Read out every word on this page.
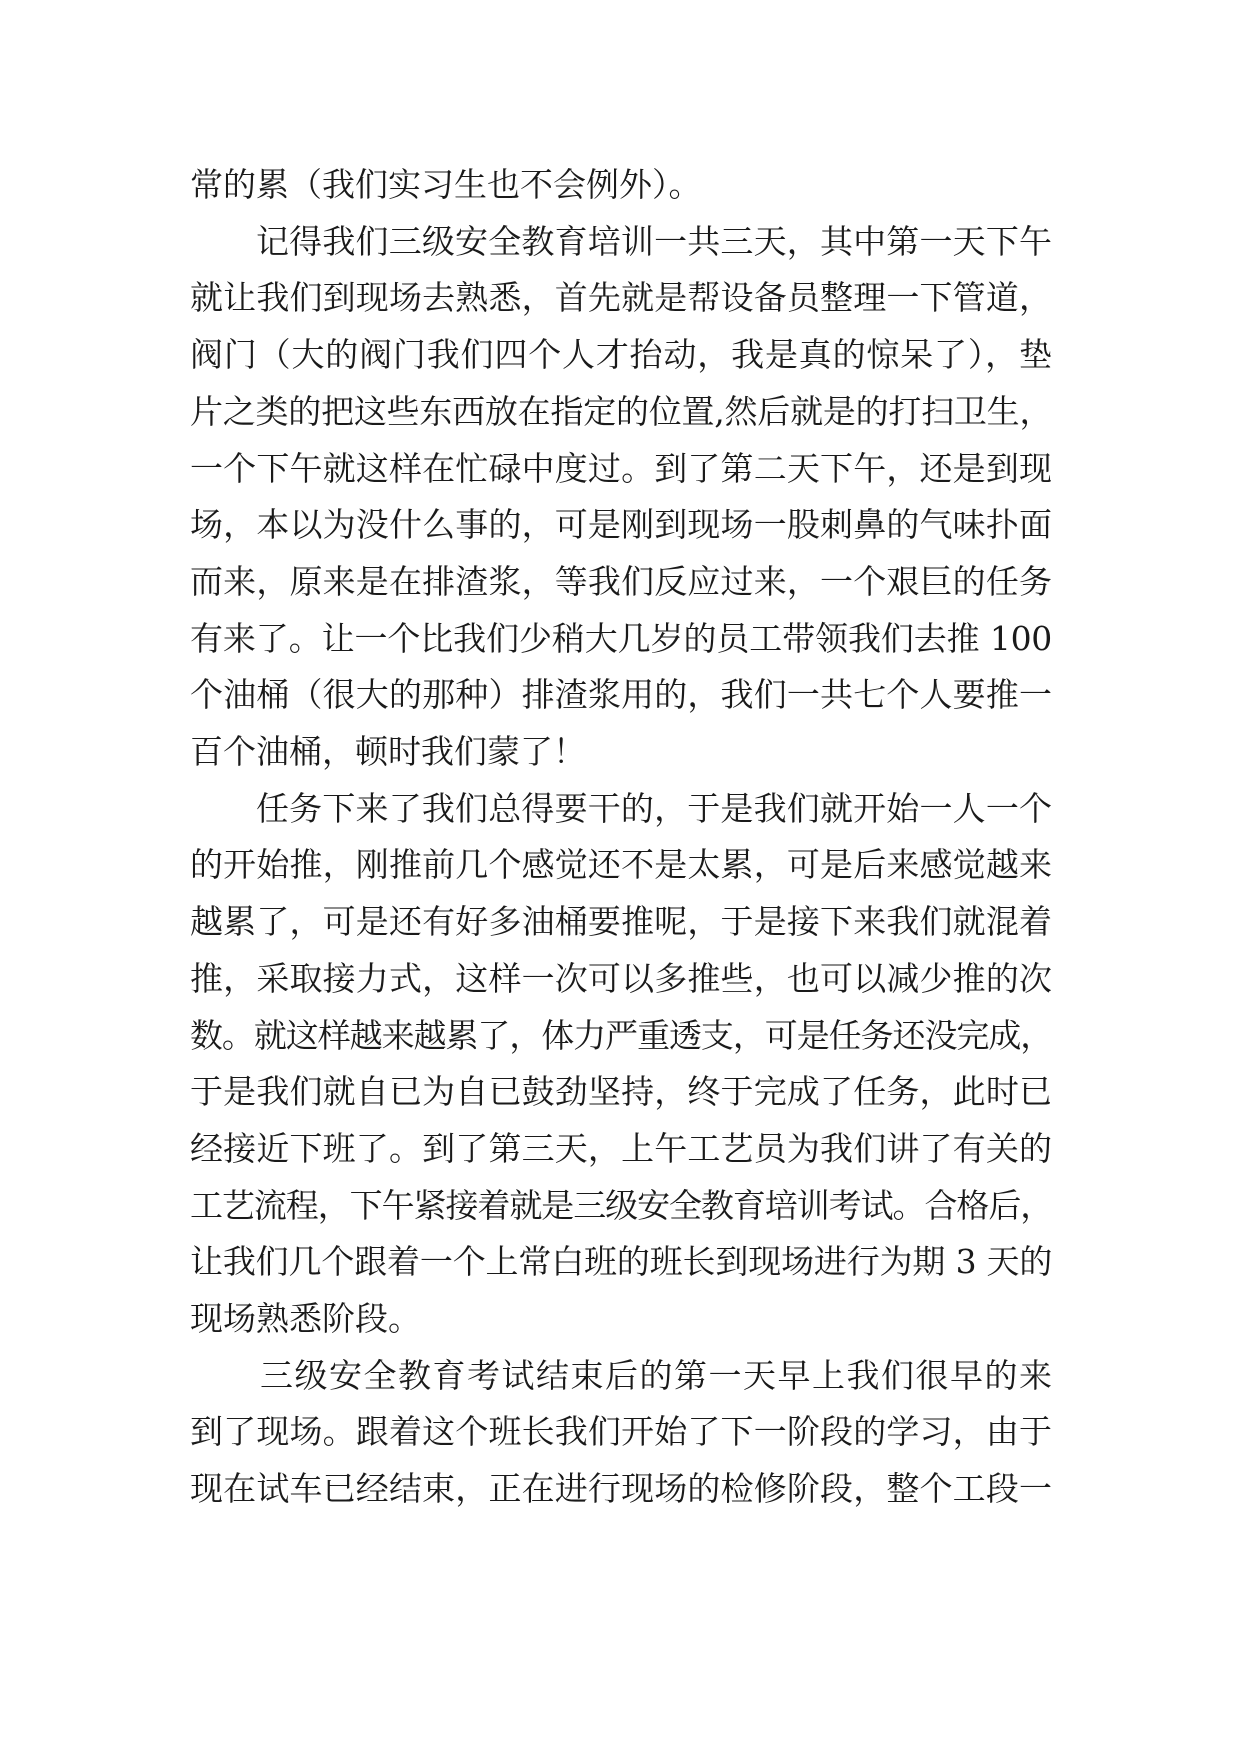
常的累（我们实习生也不会例外）。
记得我们三级安全教育培训一共三天，其中第一天下午
就让我们到现场去熟悉，首先就是帮设备员整理一下管道，
阀门（大的阀门我们四个人才抬动，我是真的惊呆了），垫
片之类的把这些东西放在指定的位置,然后就是的打扫卫生，
一个下午就这样在忙碌中度过。到了第二天下午，还是到现
场，本以为没什么事的，可是刚到现场一股刺鼻的气味扑面
而来，原来是在排渣浆，等我们反应过来，一个艰巨的任务
有来了。让一个比我们少稍大几岁的员工带领我们去推 100
个油桶（很大的那种）排渣浆用的，我们一共七个人要推一
百个油桶，顿时我们蒙了！
任务下来了我们总得要干的，于是我们就开始一人一个
的开始推，刚推前几个感觉还不是太累，可是后来感觉越来
越累了，可是还有好多油桶要推呢，于是接下来我们就混着
推，采取接力式，这样一次可以多推些，也可以减少推的次
数。就这样越来越累了，体力严重透支，可是任务还没完成，
于是我们就自已为自已鼓劲坚持，终于完成了任务，此时已
经接近下班了。到了第三天，上午工艺员为我们讲了有关的
工艺流程，下午紧接着就是三级安全教育培训考试。合格后，
让我们几个跟着一个上常白班的班长到现场进行为期 3 天的
现场熟悉阶段。
三级安全教育考试结束后的第一天早上我们很早的来
到了现场。跟着这个班长我们开始了下一阶段的学习，由于
现在试车已经结束，正在进行现场的检修阶段，整个工段一
